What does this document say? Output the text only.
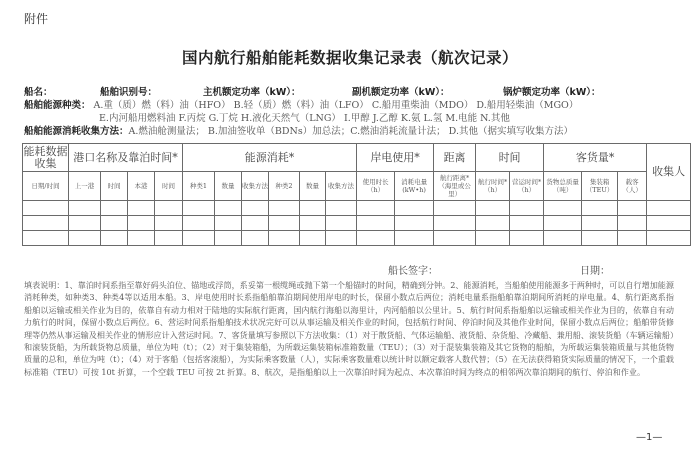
附件
国内航行船舶能耗数据收集记录表（航次记录）
船名：	船舶识别号：	主机额定功率（kW）：	副机额定功率（kW）：	锅炉额定功率（kW）：
船舶能源种类： A.重（质）燃（料）油（HFO） B.轻（质）燃（料）油（LFO） C.船用重柴油（MDO） D.船用轻柴油（MGO）
E.内河船用燃料油 F.丙烷 G.丁烷 H.液化天然气（LNG） I.甲醇 J.乙醇 K.氨 L.氢 M.电能 N.其他
船舶能源消耗收集方法：A.燃油舱测量法； B.加油签收单（BDNs）加总法；C.燃油消耗流量计法； D.其他（据实填写收集方法）
能耗数据收集	港口名称及靠泊时间*				能源消耗*						岸电使用*		距离	时间		客货量*			收集人
日期/时间	上一港	时间	本港	时间	种类1	数量	收集方法	种类2	数量	收集方法	使用时长（h）	消耗电量(kW•h)	航行距离*（海里或公里）	航行时间*（h）	营运时间*（h）	货物总质量（吨）	集装箱（TEU）	载客（人）	

船长签字：	日期：
填表说明：1、靠泊时间系指至靠好码头泊位、锚地或浮筒，系妥第一根缆绳或抛下第一个船锚时的时间，精确到分钟。2、能源消耗，当船舶使用能源多于两种时，可以自行增加能源消耗种类，如种类3、种类4等以适用本船。3、岸电使用时长系指船舶靠泊期间使用岸电的时长，保留小数点后两位；消耗电量系指船舶靠泊期间所消耗的岸电量。4、航行距离系指船舶以运输或相关作业为目的，依靠自有动力相对于陆地的实际航行距离，国内航行海船以海里计，内河船舶以公里计。5、航行时间系指船舶以运输或相关作业为目的，依靠自有动力航行的时间，保留小数点后两位。6、营运时间系指船舶技术状况完好可以从事运输及相关作业的时间，包括航行时间、停泊时间及其他作业时间，保留小数点后两位；船舶带货修理等仍然从事运输及相关作业的情形应计入营运时间。7、客货量填写参照以下方法收集：（1）对于散货船、气体运输船、液货船、杂货船、冷藏船、兼用船、滚装货船（车辆运输船）和滚装货船，为所载货物总质量，单位为吨（t）；（2）对于集装箱船，为所载运集装箱标准箱数量（TEU）；（3）对于混装集装箱及其它货物的船舶，为所载运集装箱质量与其他货物质量的总和，单位为吨（t）；（4）对于客船（包括客滚船），为实际乘客数量（人），实际乘客数量难以统计时以额定载客人数代替；（5）在无法获得箱货实际质量的情况下，一个重载标准箱（TEU）可按 10t 折算，一个空载 TEU 可按 2t 折算。8、航次，是指船舶以上一次靠泊时间为起点、本次靠泊时间为终点的相邻两次靠泊期间的航行、停泊和作业。
—1—
